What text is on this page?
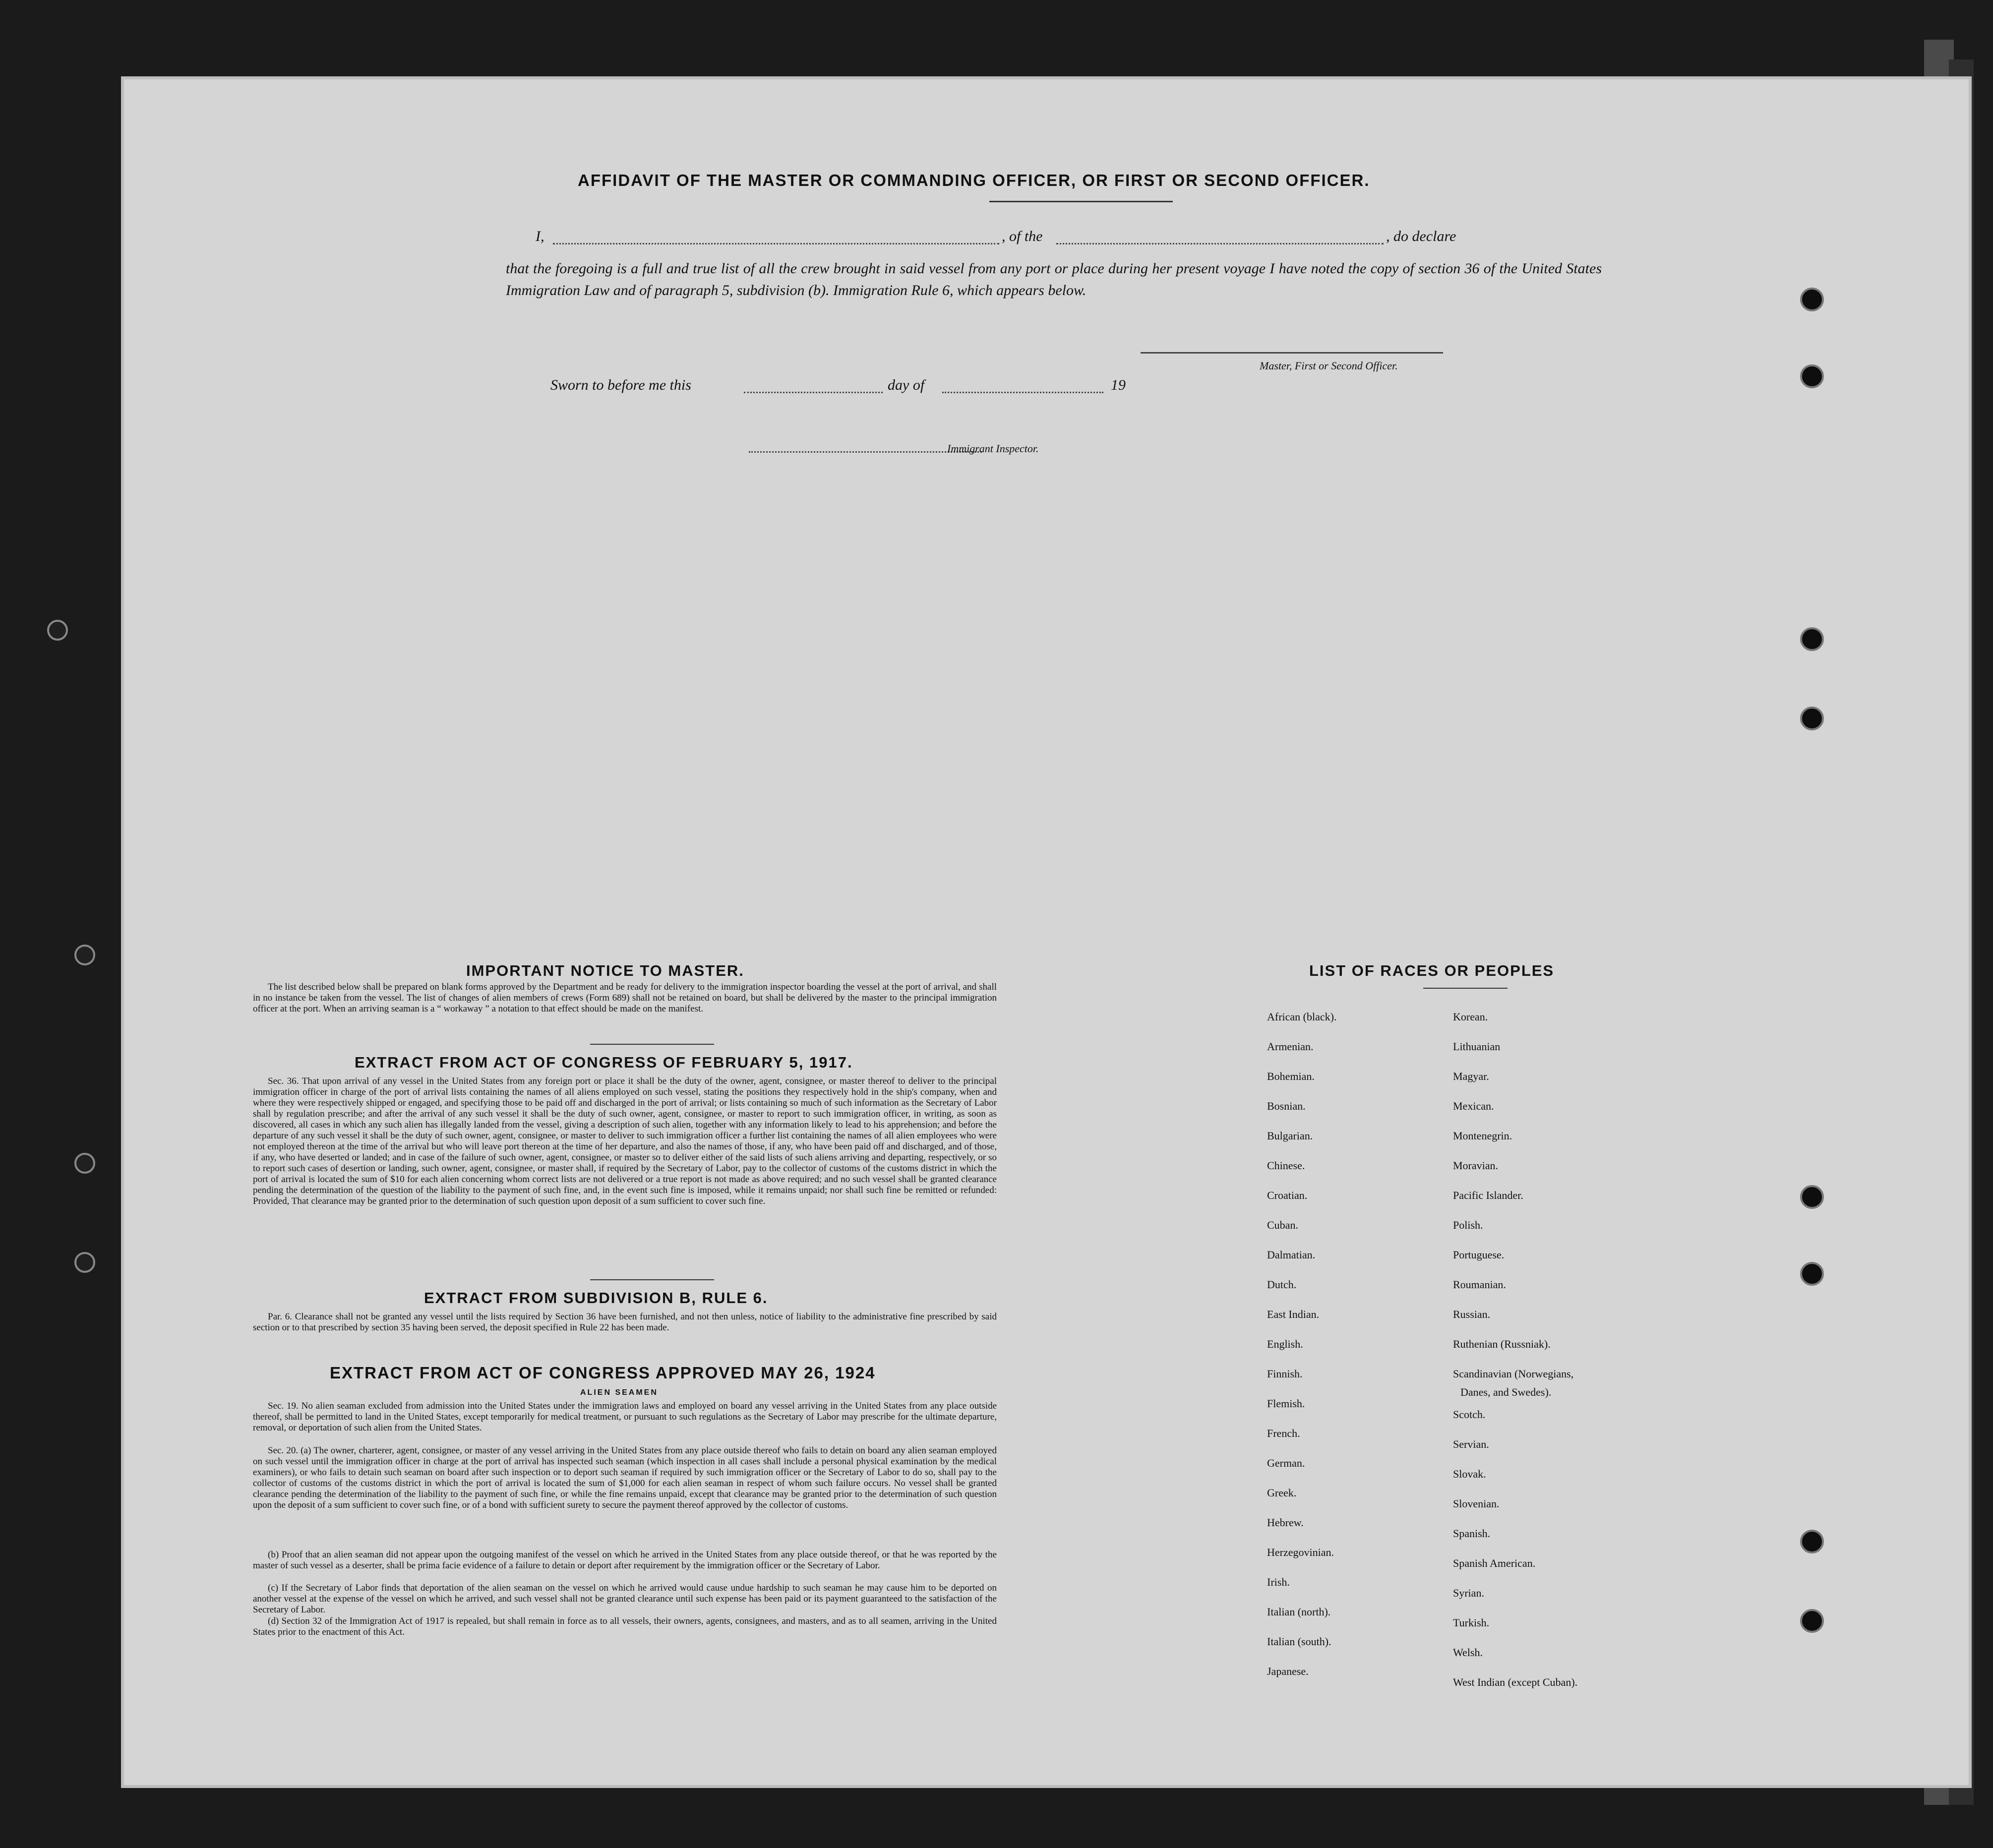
AFFIDAVIT OF THE MASTER OR COMMANDING OFFICER, OR FIRST OR SECOND OFFICER.
I,	, of the	, do declare
that the foregoing is a full and true list of all the crew brought in said vessel from any port or place during her present voyage I have noted the copy of section 36 of the United States Immigration Law and of paragraph 5, subdivision (b). Immigration Rule 6, which appears below.
Master, First or Second Officer.
Sworn to before me this	day of	19
Immigrant Inspector.
IMPORTANT NOTICE TO MASTER.
The list described below shall be prepared on blank forms approved by the Department and be ready for delivery to the immigration inspector boarding the vessel at the port of arrival, and shall in no instance be taken from the vessel. The list of changes of alien members of crews (Form 689) shall not be retained on board, but shall be delivered by the master to the principal immigration officer at the port. When an arriving seaman is a “ workaway ” a notation to that effect should be made on the manifest.
EXTRACT FROM ACT OF CONGRESS OF FEBRUARY 5, 1917.
Sec. 36. That upon arrival of any vessel in the United States from any foreign port or place it shall be the duty of the owner, agent, consignee, or master thereof to deliver to the principal immigration officer in charge of the port of arrival lists containing the names of all aliens employed on such vessel, stating the positions they respectively hold in the ship's company, when and where they were respectively shipped or engaged, and specifying those to be paid off and discharged in the port of arrival; or lists containing so much of such information as the Secretary of Labor shall by regulation prescribe; and after the arrival of any such vessel it shall be the duty of such owner, agent, consignee, or master to report to such immigration officer, in writing, as soon as discovered, all cases in which any such alien has illegally landed from the vessel, giving a description of such alien, together with any information likely to lead to his apprehension; and before the departure of any such vessel it shall be the duty of such owner, agent, consignee, or master to deliver to such immigration officer a further list containing the names of all alien employees who were not employed thereon at the time of the arrival but who will leave port thereon at the time of her departure, and also the names of those, if any, who have been paid off and discharged, and of those, if any, who have deserted or landed; and in case of the failure of such owner, agent, consignee, or master so to deliver either of the said lists of such aliens arriving and departing, respectively, or so to report such cases of desertion or landing, such owner, agent, consignee, or master shall, if required by the Secretary of Labor, pay to the collector of customs of the customs district in which the port of arrival is located the sum of $10 for each alien concerning whom correct lists are not delivered or a true report is not made as above required; and no such vessel shall be granted clearance pending the determination of the question of the liability to the payment of such fine, and, in the event such fine is imposed, while it remains unpaid; nor shall such fine be remitted or refunded: Provided, That clearance may be granted prior to the determination of such question upon deposit of a sum sufficient to cover such fine.
EXTRACT FROM SUBDIVISION B, RULE 6.
Par. 6. Clearance shall not be granted any vessel until the lists required by Section 36 have been furnished, and not then unless, notice of liability to the administrative fine prescribed by said section or to that prescribed by section 35 having been served, the deposit specified in Rule 22 has been made.
EXTRACT FROM ACT OF CONGRESS APPROVED MAY 26, 1924
ALIEN SEAMEN
Sec. 19. No alien seaman excluded from admission into the United States under the immigration laws and employed on board any vessel arriving in the United States from any place outside thereof, shall be permitted to land in the United States, except temporarily for medical treatment, or pursuant to such regulations as the Secretary of Labor may prescribe for the ultimate departure, removal, or deportation of such alien from the United States.
Sec. 20. (a) The owner, charterer, agent, consignee, or master of any vessel arriving in the United States from any place outside thereof who fails to detain on board any alien seaman employed on such vessel until the immigration officer in charge at the port of arrival has inspected such seaman (which inspection in all cases shall include a personal physical examination by the medical examiners), or who fails to detain such seaman on board after such inspection or to deport such seaman if required by such immigration officer or the Secretary of Labor to do so, shall pay to the collector of customs of the customs district in which the port of arrival is located the sum of $1,000 for each alien seaman in respect of whom such failure occurs. No vessel shall be granted clearance pending the determination of the liability to the payment of such fine, or while the fine remains unpaid, except that clearance may be granted prior to the determination of such question upon the deposit of a sum sufficient to cover such fine, or of a bond with sufficient surety to secure the payment thereof approved by the collector of customs.
(b) Proof that an alien seaman did not appear upon the outgoing manifest of the vessel on which he arrived in the United States from any place outside thereof, or that he was reported by the master of such vessel as a deserter, shall be prima facie evidence of a failure to detain or deport after requirement by the immigration officer or the Secretary of Labor.
(c) If the Secretary of Labor finds that deportation of the alien seaman on the vessel on which he arrived would cause undue hardship to such seaman he may cause him to be deported on another vessel at the expense of the vessel on which he arrived, and such vessel shall not be granted clearance until such expense has been paid or its payment guaranteed to the satisfaction of the Secretary of Labor.
(d) Section 32 of the Immigration Act of 1917 is repealed, but shall remain in force as to all vessels, their owners, agents, consignees, and masters, and as to all seamen, arriving in the United States prior to the enactment of this Act.
LIST OF RACES OR PEOPLES
Danes, and Swedes).
African (black).
Armenian.
Bohemian.
Bosnian.
Bulgarian.
Chinese.
Croatian.
Cuban.
Dalmatian.
Dutch.
East Indian.
English.
Finnish.
Flemish.
French.
German.
Greek.
Hebrew.
Herzegovinian.
Irish.
Italian (north).
Italian (south).
Japanese.
Korean.
Lithuanian
Magyar.
Mexican.
Montenegrin.
Moravian.
Pacific Islander.
Polish.
Portuguese.
Roumanian.
Russian.
Ruthenian (Russniak).
Scandinavian (Norwegians,
Scotch.
Servian.
Slovak.
Slovenian.
Spanish.
Spanish American.
Syrian.
Turkish.
Welsh.
West Indian (except Cuban).
